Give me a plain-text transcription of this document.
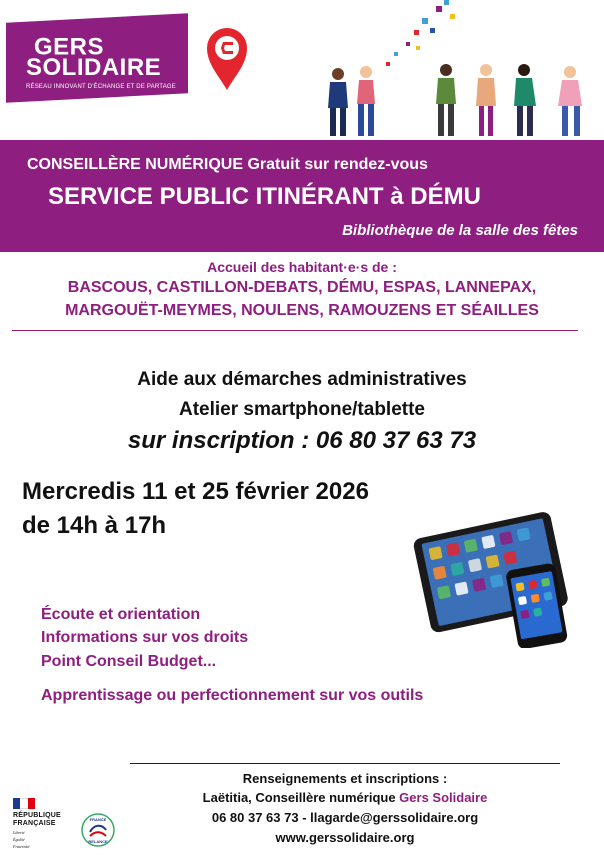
GERS
SOLIDAIRE
RÉSEAU INNOVANT D'ÉCHANGE ET DE PARTAGE
CONSEILLÈRE NUMÉRIQUE Gratuit sur rendez-vous
SERVICE PUBLIC ITINÉRANT à DÉMU
Bibliothèque de la salle des fêtes
Accueil des habitant·e·s de :
BASCOUS, CASTILLON-DEBATS, DÉMU, ESPAS, LANNEPAX,
MARGOUËT-MEYMES, NOULENS, RAMOUZENS ET SÉAILLES
Aide aux démarches administratives
Atelier smartphone/tablette
sur inscription : 06 80 37 63 73
Mercredis 11 et 25 février 2026
de 14h à 17h
Écoute et orientation
Informations sur vos droits
Point Conseil Budget...
Apprentissage ou perfectionnement sur vos outils
Renseignements et inscriptions :
Laëtitia, Conseillère numérique Gers Solidaire
06 80 37 63 73 - llagarde@gerssolidaire.org
www.gerssolidaire.org
RÉPUBLIQUE
FRANÇAISE
Liberté
Égalité
Fraternité
FRANCE
RELANCE
